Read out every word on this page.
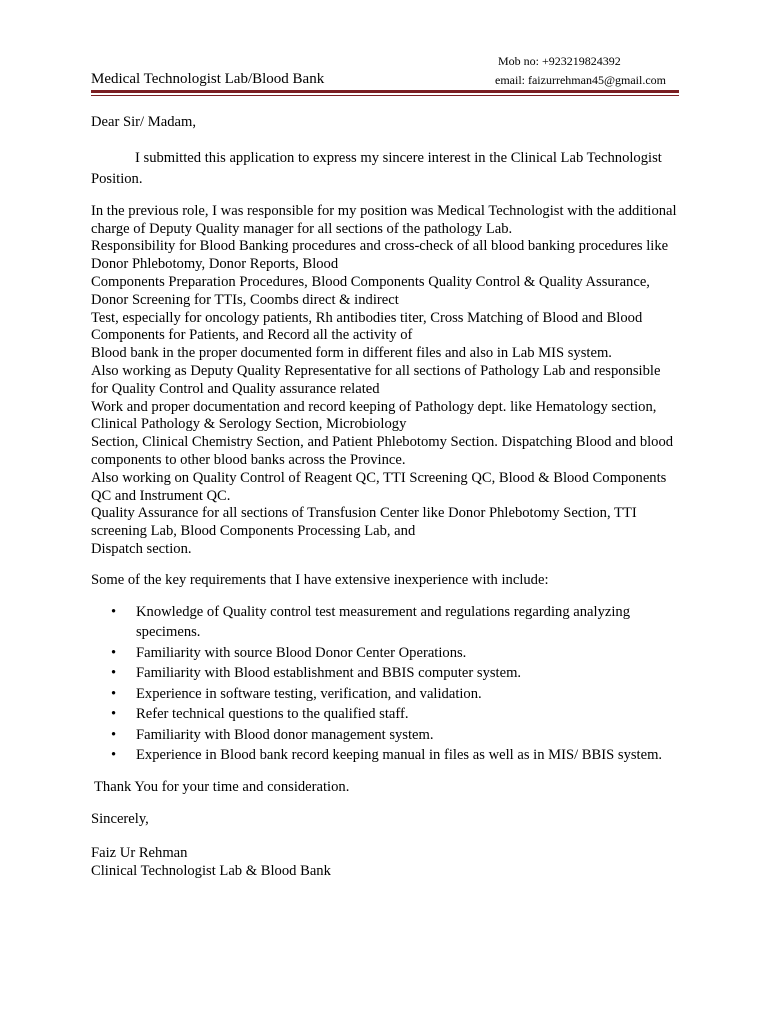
Mob no: +923219824392
Medical Technologist Lab/Blood Bank	email: faizurrehman45@gmail.com

Dear Sir/ Madam,

I submitted this application to express my sincere interest in the Clinical Lab Technologist Position.

In the previous role, I was responsible for my position was Medical Technologist with the additional charge of Deputy Quality manager for all sections of the pathology Lab.

Responsibility for Blood Banking procedures and cross-check of all blood banking procedures like Donor Phlebotomy, Donor Reports, Blood

Components Preparation Procedures, Blood Components Quality Control & Quality Assurance, Donor Screening for TTIs, Coombs direct & indirect

Test, especially for oncology patients, Rh antibodies titer, Cross Matching of Blood and Blood Components for Patients, and Record all the activity of

Blood bank in the proper documented form in different files and also in Lab MIS system.

Also working as Deputy Quality Representative for all sections of Pathology Lab and responsible for Quality Control and Quality assurance related

Work and proper documentation and record keeping of Pathology dept. like Hematology section, Clinical Pathology & Serology Section, Microbiology

Section, Clinical Chemistry Section, and Patient Phlebotomy Section. Dispatching Blood and blood components to other blood banks across the Province.

Also working on Quality Control of Reagent QC, TTI Screening QC, Blood & Blood Components QC and Instrument QC.

Quality Assurance for all sections of Transfusion Center like Donor Phlebotomy Section, TTI screening Lab, Blood Components Processing Lab, and

Dispatch section.

Some of the key requirements that I have extensive inexperience with include:

• Knowledge of Quality control test measurement and regulations regarding analyzing specimens.
• Familiarity with source Blood Donor Center Operations.
• Familiarity with Blood establishment and BBIS computer system.
• Experience in software testing, verification, and validation.
• Refer technical questions to the qualified staff.
• Familiarity with Blood donor management system.
• Experience in Blood bank record keeping manual in files as well as in MIS/ BBIS system.

Thank You for your time and consideration.

Sincerely,

Faiz Ur Rehman

Clinical Technologist Lab & Blood Bank
